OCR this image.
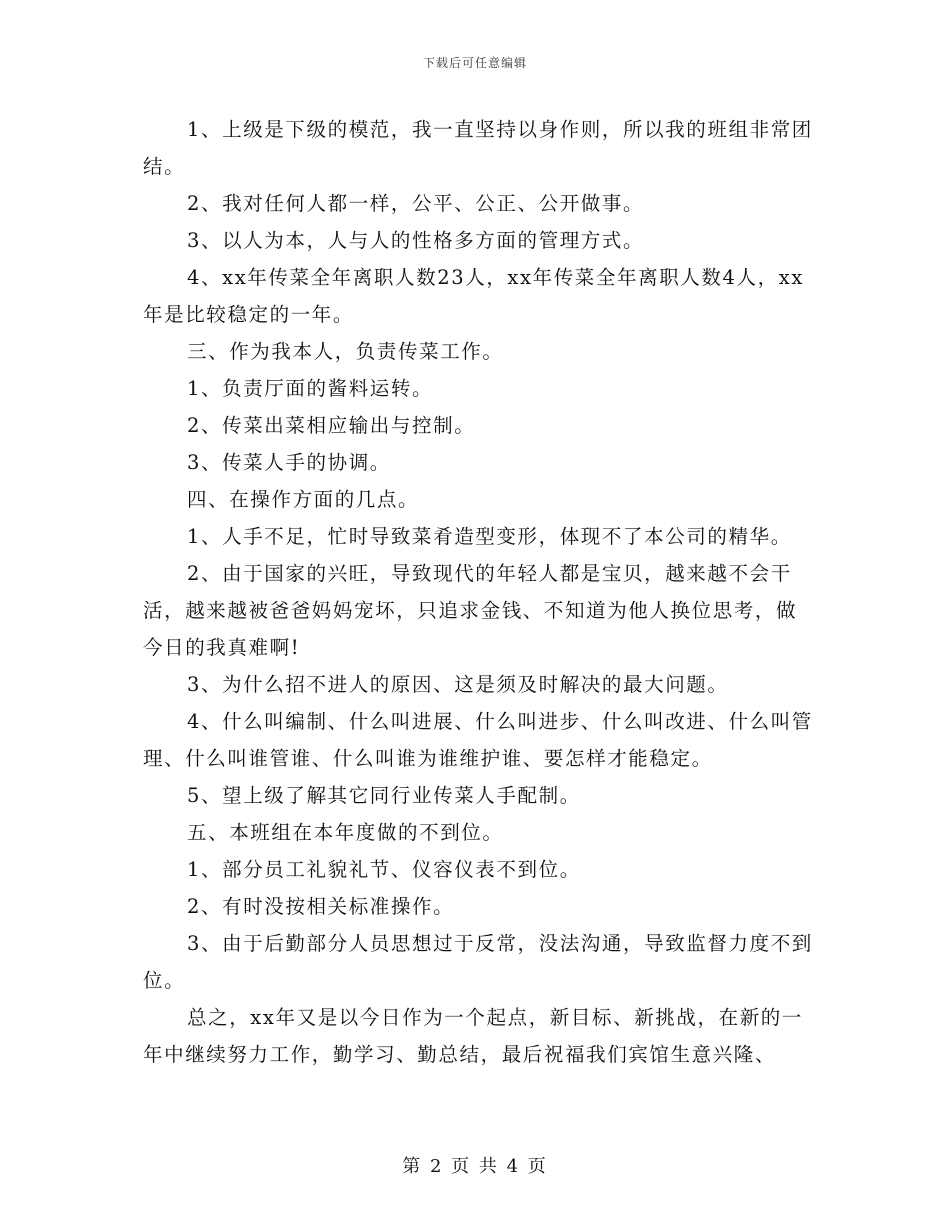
下载后可任意编辑

1、上级是下级的模范，我一直坚持以身作则，所以我的班组非常团结。

2、我对任何人都一样，公平、公正、公开做事。

3、以人为本，人与人的性格多方面的管理方式。

4、xx年传菜全年离职人数23人，xx年传菜全年离职人数4人，xx年是比较稳定的一年。

三、作为我本人，负责传菜工作。

1、负责厅面的酱料运转。

2、传菜出菜相应输出与控制。

3、传菜人手的协调。

四、在操作方面的几点。

1、人手不足，忙时导致菜肴造型变形，体现不了本公司的精华。

2、由于国家的兴旺，导致现代的年轻人都是宝贝，越来越不会干活，越来越被爸爸妈妈宠坏，只追求金钱、不知道为他人换位思考，做今日的我真难啊!

3、为什么招不进人的原因、这是须及时解决的最大问题。

4、什么叫编制、什么叫进展、什么叫进步、什么叫改进、什么叫管理、什么叫谁管谁、什么叫谁为谁维护谁、要怎样才能稳定。

5、望上级了解其它同行业传菜人手配制。

五、本班组在本年度做的不到位。

1、部分员工礼貌礼节、仪容仪表不到位。

2、有时没按相关标准操作。

3、由于后勤部分人员思想过于反常，没法沟通，导致监督力度不到位。

总之，xx年又是以今日作为一个起点，新目标、新挑战，在新的一年中继续努力工作，勤学习、勤总结，最后祝福我们宾馆生意兴隆、

第 2 页 共 4 页
